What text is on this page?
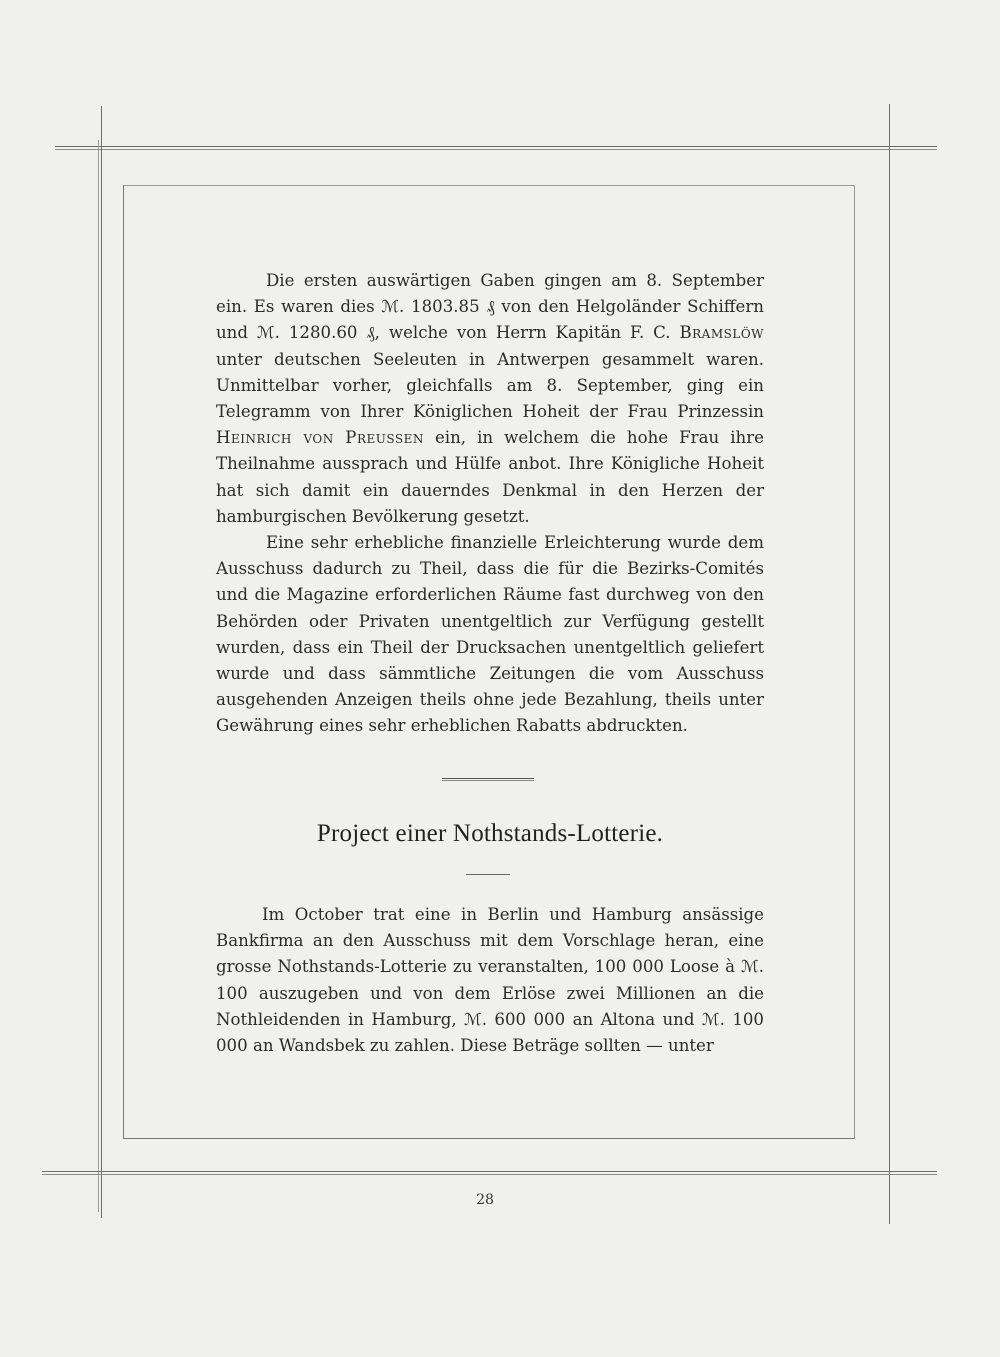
Die ersten auswärtigen Gaben gingen am 8. September ein. Es waren dies ℳ. 1803.85 ₰ von den Helgoländer Schiffern und ℳ. 1280.60 ₰, welche von Herrn Kapitän F. C. Bramslöw unter deutschen Seeleuten in Antwerpen gesammelt waren. Unmittelbar vorher, gleichfalls am 8. September, ging ein Telegramm von Ihrer Königlichen Hoheit der Frau Prinzessin Heinrich von Preussen ein, in welchem die hohe Frau ihre Theilnahme aussprach und Hülfe anbot. Ihre Königliche Hoheit hat sich damit ein dauerndes Denkmal in den Herzen der hamburgischen Bevölkerung gesetzt.

Eine sehr erhebliche finanzielle Erleichterung wurde dem Ausschuss dadurch zu Theil, dass die für die Bezirks-Comités und die Magazine erforderlichen Räume fast durchweg von den Behörden oder Privaten unentgeltlich zur Verfügung gestellt wurden, dass ein Theil der Drucksachen unentgeltlich geliefert wurde und dass sämmtliche Zeitungen die vom Ausschuss ausgehenden Anzeigen theils ohne jede Bezahlung, theils unter Gewährung eines sehr erheblichen Rabatts abdruckten.

Project einer Nothstands-Lotterie.

Im October trat eine in Berlin und Hamburg ansässige Bankfirma an den Ausschuss mit dem Vorschlage heran, eine grosse Nothstands-Lotterie zu veranstalten, 100 000 Loose à ℳ. 100 auszugeben und von dem Erlöse zwei Millionen an die Nothleidenden in Hamburg, ℳ. 600 000 an Altona und ℳ. 100 000 an Wandsbek zu zahlen. Diese Beträge sollten — unter

28
